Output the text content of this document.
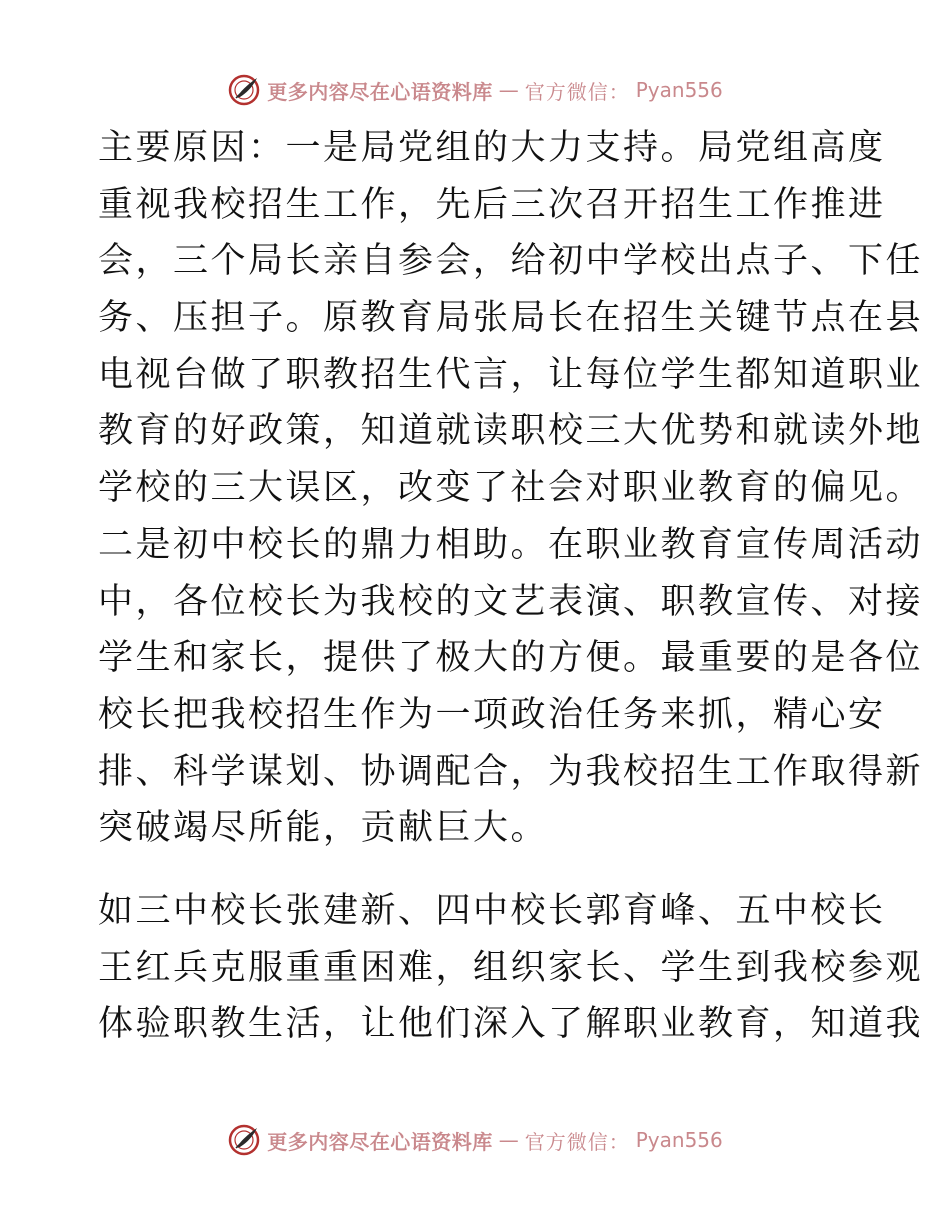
更多内容尽在心语资料库 — 官方微信： Pyan556

主要原因：一是局党组的大力支持。局党组高度
重视我校招生工作，先后三次召开招生工作推进
会，三个局长亲自参会，给初中学校出点子、下任
务、压担子。原教育局张局长在招生关键节点在县
电视台做了职教招生代言，让每位学生都知道职业
教育的好政策，知道就读职校三大优势和就读外地
学校的三大误区，改变了社会对职业教育的偏见。
二是初中校长的鼎力相助。在职业教育宣传周活动
中，各位校长为我校的文艺表演、职教宣传、对接
学生和家长，提供了极大的方便。最重要的是各位
校长把我校招生作为一项政治任务来抓，精心安
排、科学谋划、协调配合，为我校招生工作取得新
突破竭尽所能，贡献巨大。

如三中校长张建新、四中校长郭育峰、五中校长
王红兵克服重重困难，组织家长、学生到我校参观
体验职教生活，让他们深入了解职业教育，知道我

更多内容尽在心语资料库 — 官方微信： Pyan556
